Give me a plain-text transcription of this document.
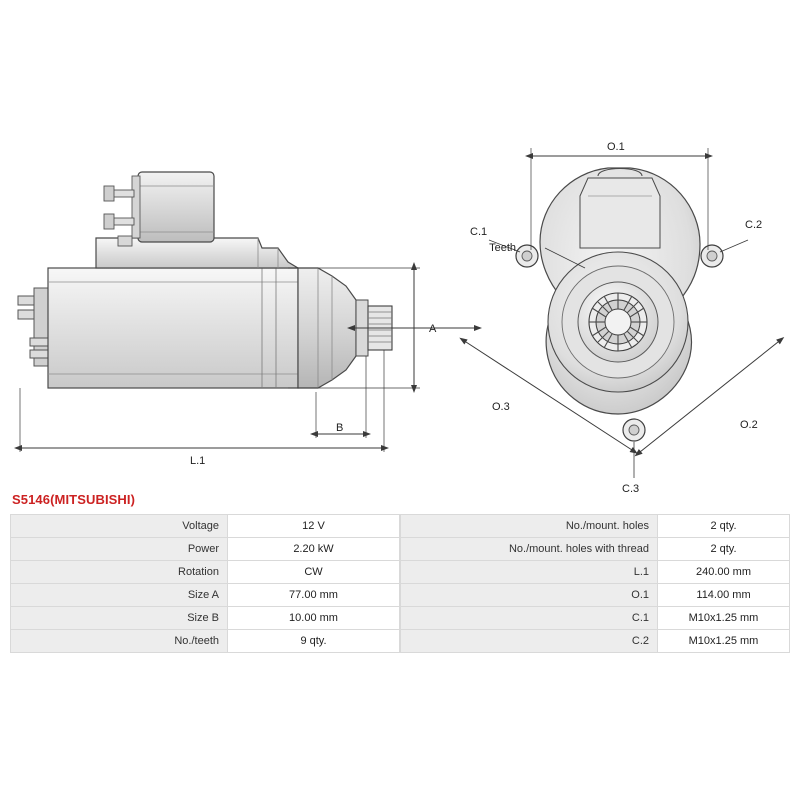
A
B
L.1
O.1
O.3
O.2
C.1
C.2
C.3
Teeth
S5146(MITSUBISHI)
Voltage	12 V
Power	2.20 kW
Rotation	CW
Size A	77.00 mm
Size B	10.00 mm
No./teeth	9 qty.
No./mount. holes	2 qty.
No./mount. holes with thread	2 qty.
L.1	240.00 mm
O.1	114.00 mm
C.1	M10x1.25 mm
C.2	M10x1.25 mm
